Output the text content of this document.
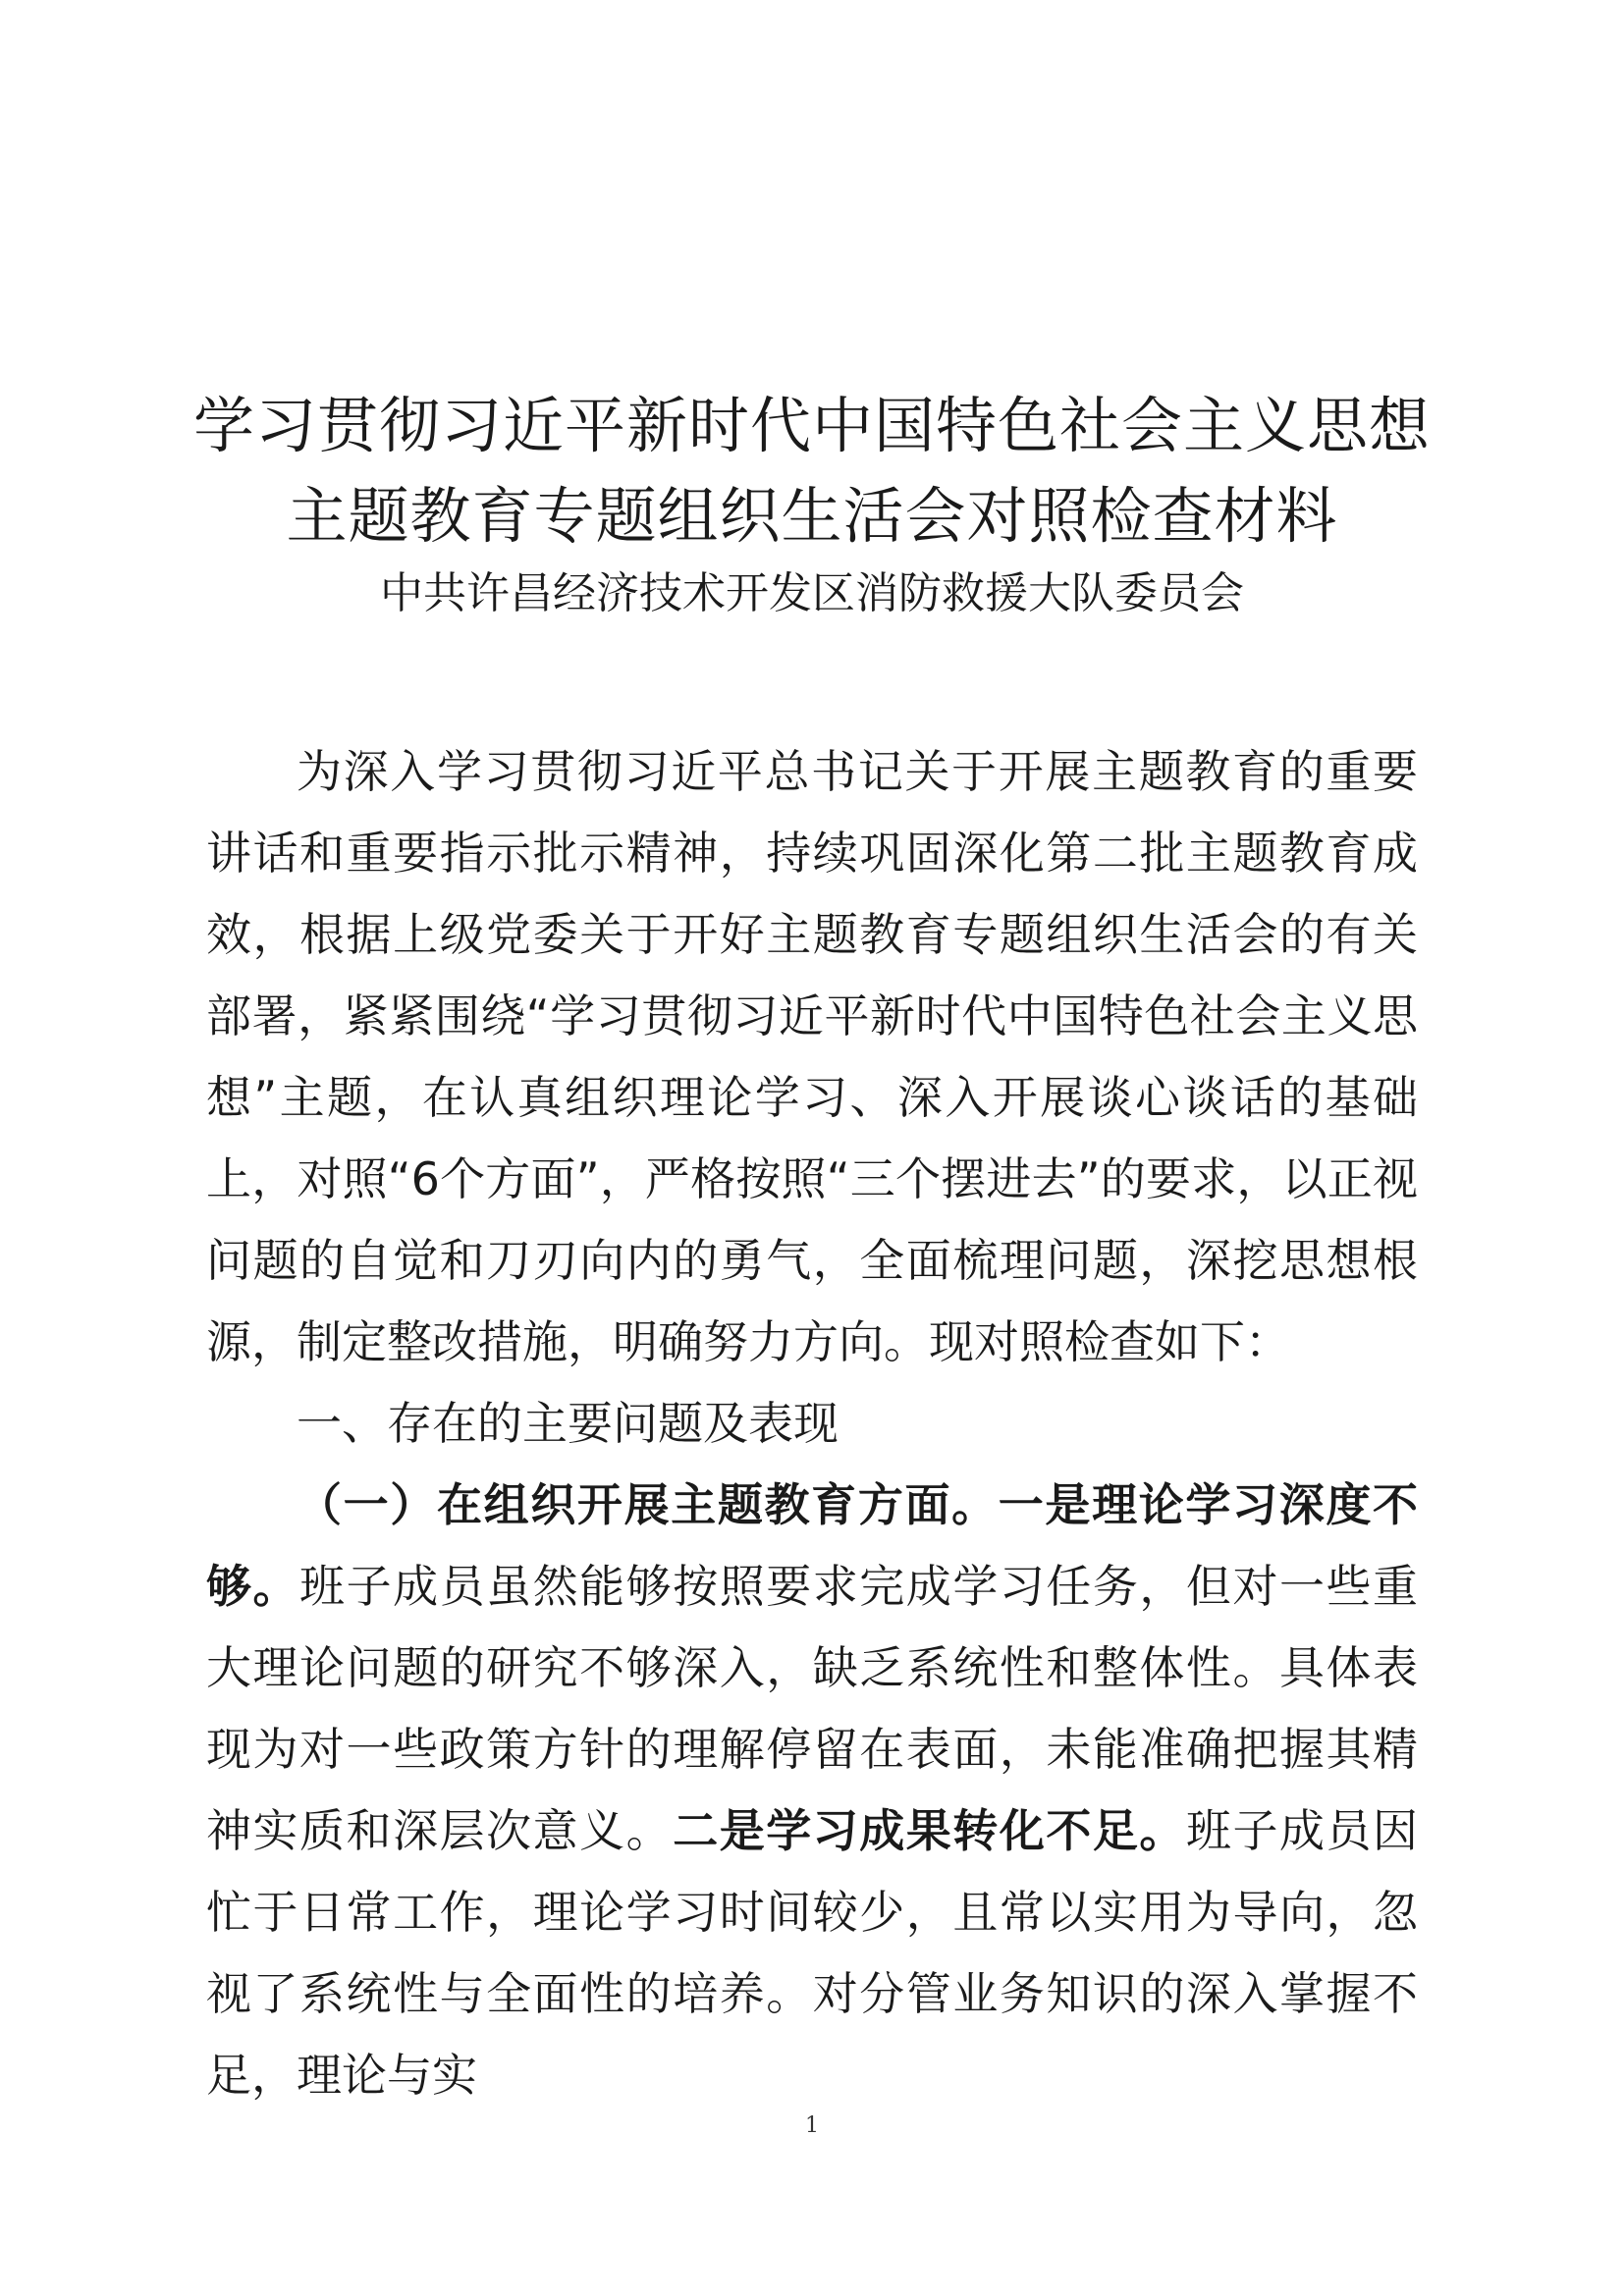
学习贯彻习近平新时代中国特色社会主义思想
主题教育专题组织生活会对照检查材料
中共许昌经济技术开发区消防救援大队委员会

为深入学习贯彻习近平总书记关于开展主题教育的重要讲话和重要指示批示精神，持续巩固深化第二批主题教育成效，根据上级党委关于开好主题教育专题组织生活会的有关部署，紧紧围绕“学习贯彻习近平新时代中国特色社会主义思想”主题，在认真组织理论学习、深入开展谈心谈话的基础上，对照“6个方面”，严格按照“三个摆进去”的要求，以正视问题的自觉和刀刃向内的勇气，全面梳理问题，深挖思想根源，制定整改措施，明确努力方向。现对照检查如下：

一、存在的主要问题及表现

（一）在组织开展主题教育方面。一是理论学习深度不够。班子成员虽然能够按照要求完成学习任务，但对一些重大理论问题的研究不够深入，缺乏系统性和整体性。具体表现为对一些政策方针的理解停留在表面，未能准确把握其精神实质和深层次意义。二是学习成果转化不足。班子成员因忙于日常工作，理论学习时间较少，且常以实用为导向，忽视了系统性与全面性的培养。对分管业务知识的深入掌握不足，理论与实

1
